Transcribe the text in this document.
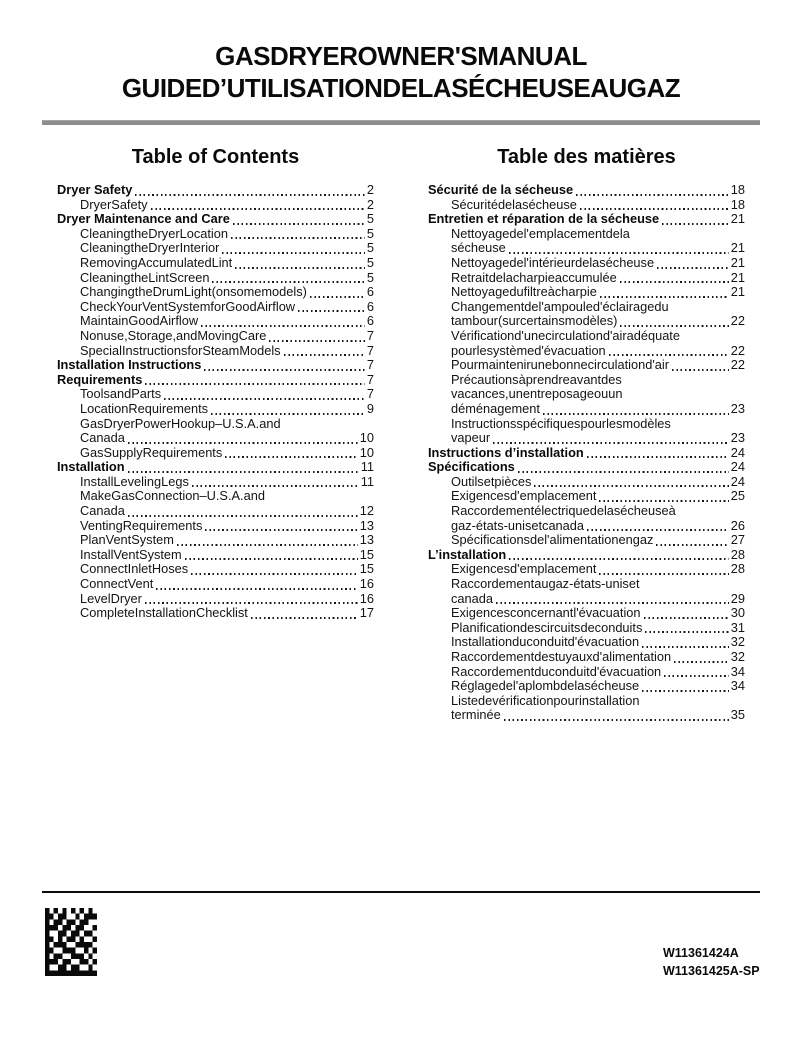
GASDRYEROWNER'SMANUAL
GUIDED’UTILISATIONDELASÉCHEUSEAUGAZ
Table of Contents
Dryer Safety	2
DryerSafety	2
Dryer Maintenance and Care	5
CleaningtheDryerLocation	5
CleaningtheDryerInterior	5
RemovingAccumulatedLint	5
CleaningtheLintScreen	5
ChangingtheDrumLight(onsomemodels)	6
CheckYourVentSystemforGoodAirflow	6
MaintainGoodAirflow	6
Nonuse,Storage,andMovingCare	7
SpecialInstructionsforSteamModels	7
Installation Instructions	7
Requirements	7
ToolsandParts	7
LocationRequirements	9
GasDryerPowerHookup–U.S.A.and
Canada	10
GasSupplyRequirements	10
Installation	11
InstallLevelingLegs	11
MakeGasConnection–U.S.A.and
Canada	12
VentingRequirements	13
PlanVentSystem	13
InstallVentSystem	15
ConnectInletHoses	15
ConnectVent	16
LevelDryer	16
CompleteInstallationChecklist	17
Table des matières
Sécurité de la sécheuse	18
Sécuritédelasécheuse	18
Entretien et réparation de la sécheuse	21
Nettoyagedel'emplacementdela
sécheuse	21
Nettoyagedel'intérieurdelasécheuse	21
Retraitdelacharpieaccumulée	21
Nettoyagedufiltreàcharpie	21
Changementdel'ampouled'éclairagedu
tambour(surcertainsmodèles)	22
Vérificationd'unecirculationd'airadéquate
pourlesystèmed'évacuation	22
Pourmaintenirunebonnecirculationd'air	22
Précautionsàprendreavantdes
vacances,unentreposageouun
déménagement	23
Instructionsspécifiquespourlesmodèles
vapeur	23
Instructions d’installation	24
Spécifications	24
Outilsetpièces	24
Exigencesd'emplacement	25
Raccordementélectriquedelasécheuseà
gaz-états-unisetcanada	26
Spécificationsdel'alimentationengaz	27
L’installation	28
Exigencesd'emplacement	28
Raccordementaugaz-états-uniset
canada	29
Exigencesconcernantl'évacuation	30
Planificationdescircuitsdeconduits	31
Installationduconduitd'évacuation	32
Raccordementdestuyauxd'alimentation	32
Raccordementduconduitd'évacuation	34
Réglagedel'aplombdelasécheuse	34
Listedevérificationpourinstallation
terminée	35
W11361424A
W11361425A-SP
